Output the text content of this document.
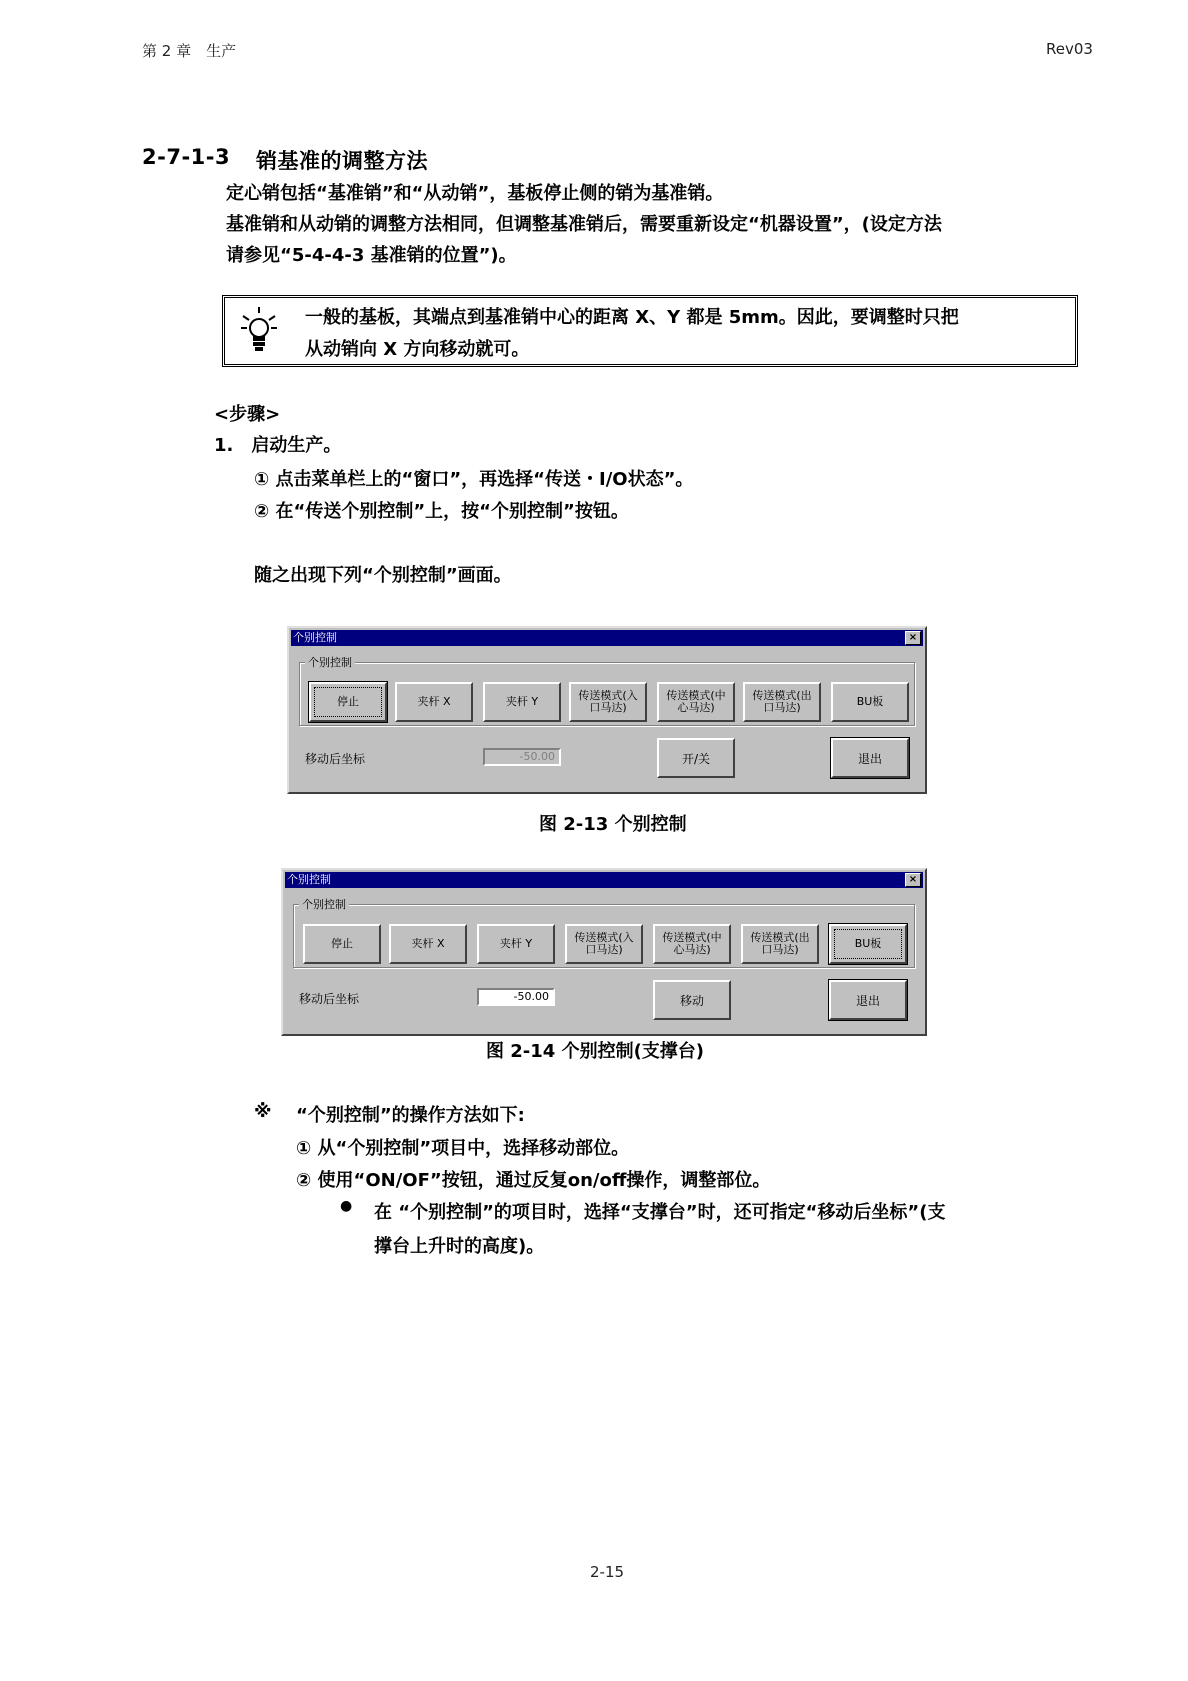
第 2 章　生产	Rev03
2-7-1-3 销基准的调整方法
定心销包括“基准销”和“从动销”，基板停止侧的销为基准销。
基准销和从动销的调整方法相同，但调整基准销后，需要重新设定“机器设置”，(设定方法
请参见“5-4-4-3 基准销的位置”)。
一般的基板，其端点到基准销中心的距离 X、Y 都是 5mm。因此，要调整时只把
从动销向 X 方向移动就可。
<步骤>
1.　启动生产。
① 点击菜单栏上的“窗口”，再选择“传送・I/O状态”。
② 在“传送个别控制”上，按“个别控制”按钮。
随之出现下列“个别控制”画面。
个别控制	×
个别控制
停止	夹杆 X	夹杆 Y	传送模式(入口马达)
传送模式(中心马达)
传送模式(出口马达)	BU板
移动后坐标	-50.00	开/关	退出
图 2-13 个别控制
个别控制	×
个别控制
停止	夹杆 X	夹杆 Y	传送模式(入口马达)
传送模式(中心马达)
传送模式(出口马达)	BU板
移动后坐标	-50.00	移动	退出
图 2-14 个别控制(支撑台)
※ “个别控制”的操作方法如下:
① 从“个别控制”项目中，选择移动部位。
② 使用“ON/OF”按钮，通过反复on/off操作，调整部位。
● 在 “个别控制”的项目时，选择“支撑台”时，还可指定“移动后坐标”(支
撑台上升时的高度)。
2-15
